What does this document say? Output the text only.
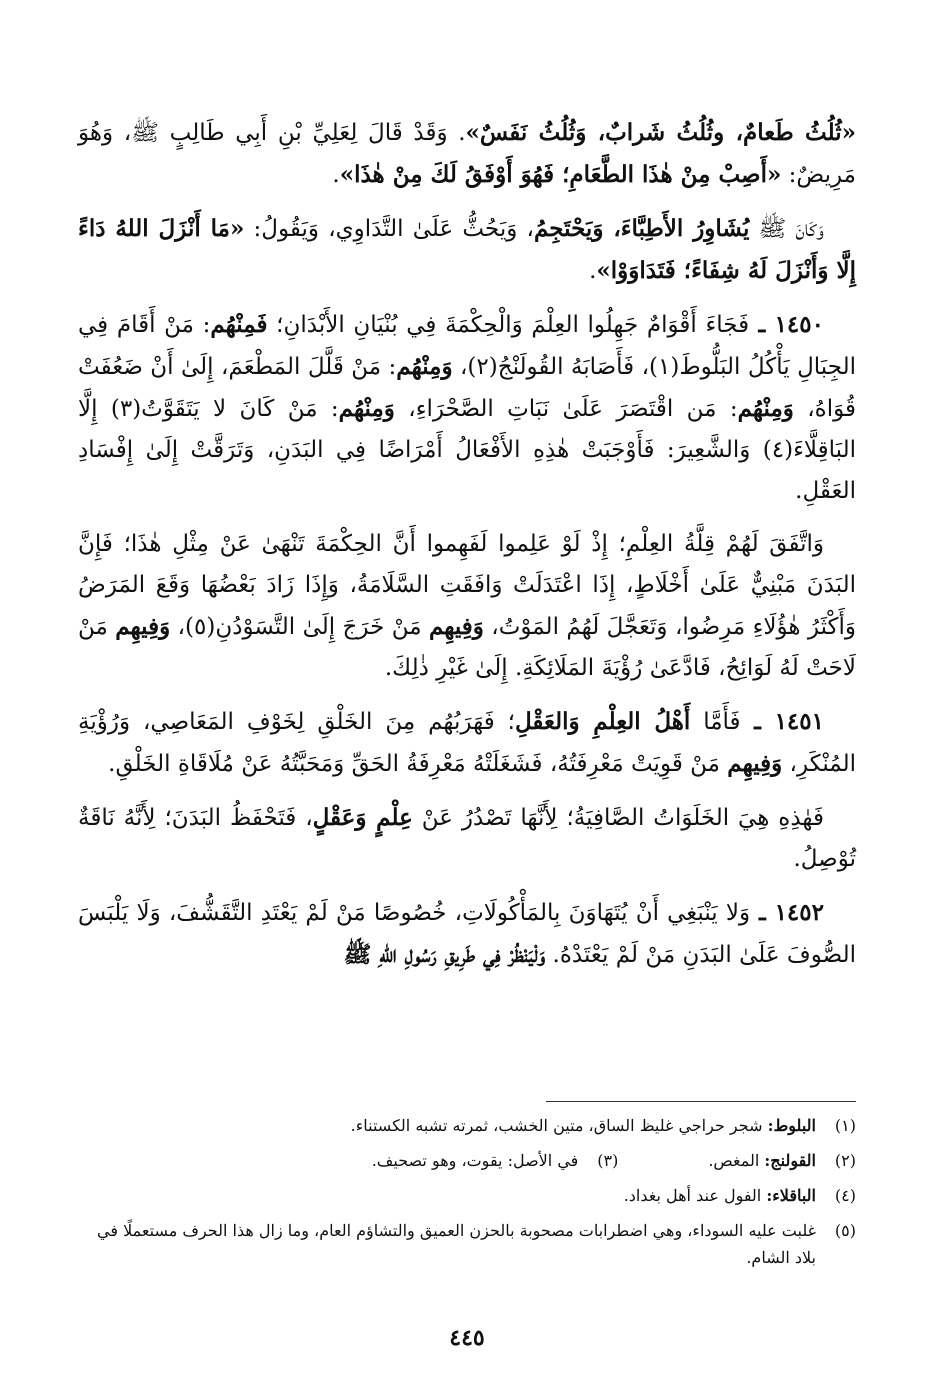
«ثُلُثُ طَعامٌ، وثُلُثُ شَرابٌ، وَثُلُثُ نَفَسٌ». وَقَدْ قَالَ لِعَلِيِّ بْنِ أَبِي طَالِبٍ ﷺ، وَهُوَ مَرِيضٌ: «أَصِبْ مِنْ هٰذَا الطَّعَامِ؛ فَهُوَ أَوْفَقُ لَكَ مِنْ هٰذَا».

وَكَانَ ﷺ يُشَاوِرُ الأَطِبَّاءَ، وَيَحْتَجِمُ، وَيَحُثُّ عَلَىٰ التَّدَاوِي، وَيَقُولُ: «مَا أَنْزَلَ اللهُ دَاءً إِلَّا وَأَنْزَلَ لَهُ شِفَاءً؛ فَتَدَاوَوْا».

١٤٥٠ ـ فَجَاءَ أَقْوَامٌ جَهِلُوا العِلْمَ وَالْحِكْمَةَ فِي بُنْيَانِ الأَبْدَانِ؛ فَمِنْهُم: مَنْ أَقَامَ فِي الجِبَالِ يَأْكُلُ البَلُّوطَ(١)، فَأَصَابَهُ القُولَنْجُ(٢)، وَمِنْهُم: مَنْ قَلَّلَ المَطْعَمَ، إِلَىٰ أَنْ ضَعُفَتْ قُوَاهُ، وَمِنْهُم: مَن اقْتَصَرَ عَلَىٰ نَبَاتِ الصَّحْرَاءِ، وَمِنْهُم: مَنْ كَانَ لا يَتَقَوَّتُ(٣) إِلَّا البَاقِلَّاءَ(٤) وَالشَّعِيرَ: فَأَوْجَبَتْ هٰذِهِ الأَفْعَالُ أَمْرَاضًا فِي البَدَنِ، وَتَرَقَّتْ إِلَىٰ إِفْسَادِ العَقْلِ.

وَاتَّفَقَ لَهُمْ قِلَّةُ العِلْمِ؛ إِذْ لَوْ عَلِموا لَفَهِموا أَنَّ الحِكْمَةَ تَنْهَىٰ عَنْ مِثْلِ هٰذَا؛ فَإِنَّ البَدَنَ مَبْنِيٌّ عَلَىٰ أَخْلَاطٍ، إِذَا اعْتَدَلَتْ وَافَقَتِ السَّلَامَةُ، وَإِذَا زَادَ بَعْضُهَا وَقَعَ المَرَضُ وَأَكْثَرُ هٰؤُلَاءِ مَرِضُوا، وَتَعَجَّلَ لَهُمُ المَوْتُ، وَفِيهِم مَنْ خَرَجَ إِلَىٰ التَّسَوْدُنِ(٥)، وَفِيهِم مَنْ لَاحَتْ لَهُ لَوَائِحُ، فَادَّعَىٰ رُؤْيَةَ المَلَائِكَةِ. إِلَىٰ غَيْرِ ذٰلِكَ.

١٤٥١ ـ فَأَمَّا أَهْلُ العِلْمِ وَالعَقْلِ؛ فَهَرَبُهُم مِنَ الخَلْقِ لِخَوْفِ المَعَاصِي، وَرُؤْيَةِ المُنْكَرِ، وَفِيهِم مَنْ قَوِيَتْ مَعْرِفَتُهُ، فَشَغَلَتْهُ مَعْرِفَةُ الحَقِّ وَمَحَبَّتُهُ عَنْ مُلَاقَاةِ الخَلْقِ.

فَهٰذِهِ هِيَ الخَلَوَاتُ الصَّافِيَةُ؛ لِأَنَّهَا تَصْدُرُ عَنْ عِلْمٍ وَعَقْلٍ، فَتَحْفَظُ البَدَنَ؛ لِأَنَّهُ نَاقَةٌ تُوْصِلُ.

١٤٥٢ ـ وَلا يَنْبَغِي أَنْ يُتَهَاوَنَ بِالمَأْكُولَاتِ، خُصُوصًا مَنْ لَمْ يَعْتَدِ التَّقَشُّفَ، وَلَا يَلْبَسَ الصُّوفَ عَلَىٰ البَدَنِ مَنْ لَمْ يَعْتَدْهُ. وَلْيَنْظُرْ فِي طَرِيقِ رَسُولِ اللهِ ﷺ

(١)
البلوط: شجر حراجي غليظ الساق، متين الخشب، ثمرته تشبه الكستناء.
(٢)
القولنج: المغص.
(٣)
في الأصل: يقوت، وهو تصحيف.
(٤)
الباقلاء: الفول عند أهل بغداد.
(٥)
غلبت عليه السوداء، وهي اضطرابات مصحوبة بالحزن العميق والتشاؤم العام، وما زال هذا الحرف مستعملًا في بلاد الشام.
٤٤٥
